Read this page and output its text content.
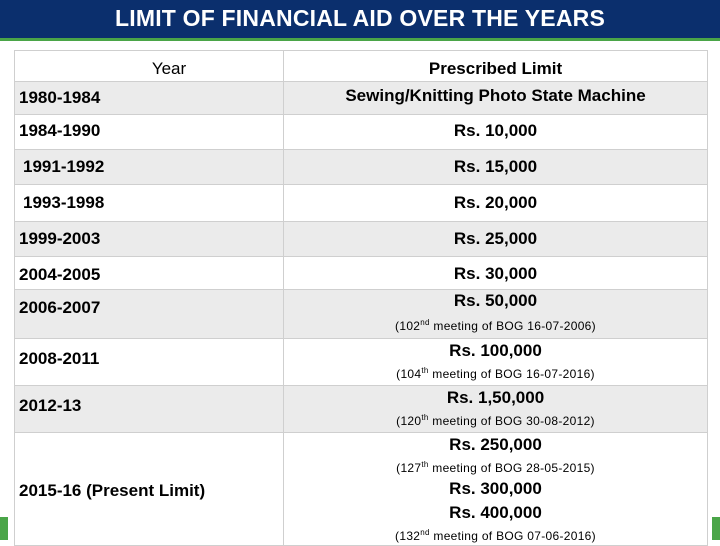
LIMIT OF FINANCIAL AID OVER THE YEARS
Year	Prescribed Limit

1980-1984	Sewing/Knitting Photo State Machine

1984-1990	Rs. 10,000

1991-1992	Rs. 15,000

1993-1998	Rs. 20,000

1999-2003	Rs. 25,000

2004-2005	Rs. 30,000

2006-2007	Rs. 50,000
(102nd meeting of BOG 16-07-2006)

2008-2011	Rs. 100,000
(104th meeting of BOG 16-07-2016)

2012-13	Rs. 1,50,000
(120th meeting of BOG 30-08-2012)

2015-16 (Present Limit)	Rs. 250,000
(127th meeting of BOG 28-05-2015)
Rs. 300,000
Rs. 400,000
(132nd meeting of BOG 07-06-2016)
